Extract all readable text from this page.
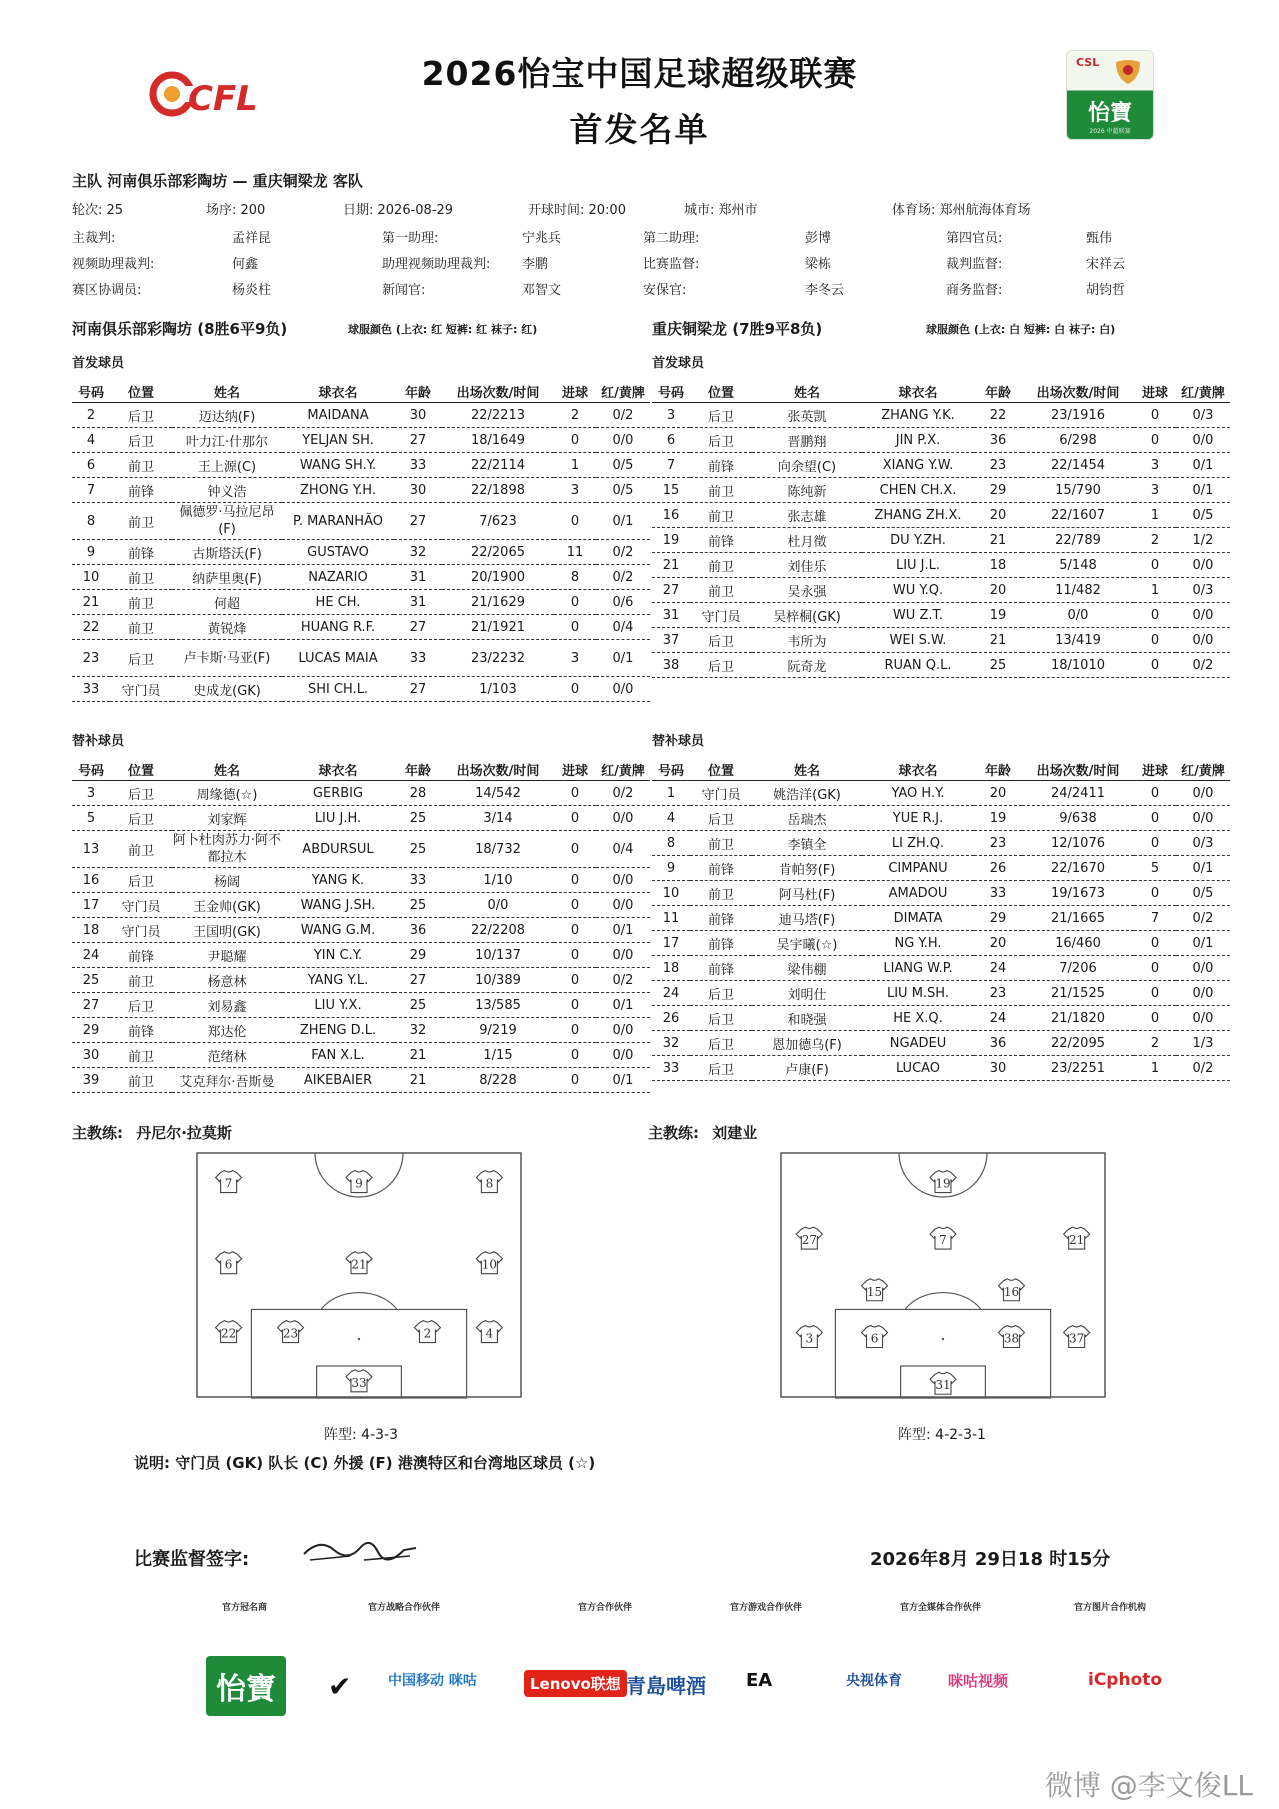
2026怡宝中国足球超级联赛
首发名单
CFL
CSL
怡寶
2026 中超联赛
主队 河南俱乐部彩陶坊 — 重庆铜梁龙 客队
轮次: 25	场序: 200	日期: 2026-08-29	开球时间: 20:00	城市: 郑州市	体育场: 郑州航海体育场
主裁判:	孟祥昆	第一助理:	宁兆兵	第二助理:	彭博	第四官员:	甄伟
视频助理裁判:	何鑫	助理视频助理裁判: 李鹏	比赛监督:	梁栋	裁判监督:	宋祥云
赛区协调员:	杨炎柱	新闻官:	邓智文	安保官:	李冬云	商务监督:	胡钧哲
河南俱乐部彩陶坊 (8胜6平9负)	球服颜色 (上衣: 红 短裤: 红 袜子: 红)	重庆铜梁龙 (7胜9平8负)	球服颜色 (上衣: 白 短裤: 白 袜子: 白)
首发球员	首发球员
替补球员	替补球员
号码	位置	姓名	球衣名	年龄	出场次数/时间	进球	红/黄牌
2	后卫	迈达纳(F)	MAIDANA	30	22/2213	2	0/2
4	后卫	叶力江·什那尔	YELJAN SH.	27	18/1649	0	0/0
6	前卫	王上源(C)	WANG SH.Y.	33	22/2114	1	0/5
7	前锋	钟义浩	ZHONG Y.H.	30	22/1898	3	0/5
8	前卫	佩德罗·马拉尼昂(F)	P. MARANHÃO	27	7/623	0	0/1
9	前锋	古斯塔沃(F)	GUSTAVO	32	22/2065	11	0/2
10	前卫	纳萨里奥(F)	NAZARIO	31	20/1900	8	0/2
21	前卫	何超	HE CH.	31	21/1629	0	0/6
22	前卫	黄锐烽	HUANG R.F.	27	21/1921	0	0/4
23	后卫	卢卡斯·马亚(F)	LUCAS MAIA	33	23/2232	3	0/1
33	守门员	史成龙(GK)	SHI CH.L.	27	1/103	0	0/0
号码	位置	姓名	球衣名	年龄	出场次数/时间	进球	红/黄牌
3	后卫	张英凯	ZHANG Y.K.	22	23/1916	0	0/3
6	后卫	晋鹏翔	JIN P.X.	36	6/298	0	0/0
7	前锋	向余望(C)	XIANG Y.W.	23	22/1454	3	0/1
15	前卫	陈纯新	CHEN CH.X.	29	15/790	3	0/1
16	前卫	张志雄	ZHANG ZH.X.	20	22/1607	1	0/5
19	前锋	杜月徵	DU Y.ZH.	21	22/789	2	1/2
21	前卫	刘佳乐	LIU J.L.	18	5/148	0	0/0
27	前卫	吴永强	WU Y.Q.	20	11/482	1	0/3
31	守门员	吴梓桐(GK)	WU Z.T.	19	0/0	0	0/0
37	后卫	韦所为	WEI S.W.	21	13/419	0	0/0
38	后卫	阮奇龙	RUAN Q.L.	25	18/1010	0	0/2
号码	位置	姓名	球衣名	年龄	出场次数/时间	进球	红/黄牌
3	后卫	周缘德(☆)	GERBIG	28	14/542	0	0/2
5	后卫	刘家辉	LIU J.H.	25	3/14	0	0/0
13	前卫	阿卜杜肉苏力·阿不都拉木	ABDURSUL	25	18/732	0	0/4
16	后卫	杨阔	YANG K.	33	1/10	0	0/0
17	守门员	王金帅(GK)	WANG J.SH.	25	0/0	0	0/0
18	守门员	王国明(GK)	WANG G.M.	36	22/2208	0	0/1
24	前锋	尹聪耀	YIN C.Y.	29	10/137	0	0/0
25	前卫	杨意林	YANG Y.L.	27	10/389	0	0/2
27	后卫	刘易鑫	LIU Y.X.	25	13/585	0	0/1
29	前锋	郑达伦	ZHENG D.L.	32	9/219	0	0/0
30	前卫	范绪林	FAN X.L.	21	1/15	0	0/0
39	前卫	艾克拜尔·吾斯曼	AIKEBAIER	21	8/228	0	0/1
号码	位置	姓名	球衣名	年龄	出场次数/时间	进球	红/黄牌
1	守门员	姚浩洋(GK)	YAO H.Y.	20	24/2411	0	0/0
4	后卫	岳瑞杰	YUE R.J.	19	9/638	0	0/0
8	前卫	李镇全	LI ZH.Q.	23	12/1076	0	0/3
9	前锋	肯帕努(F)	CIMPANU	26	22/1670	5	0/1
10	前卫	阿马杜(F)	AMADOU	33	19/1673	0	0/5
11	前锋	迪马塔(F)	DIMATA	29	21/1665	7	0/2
17	前锋	吴宇曦(☆)	NG Y.H.	20	16/460	0	0/1
18	前锋	梁伟棚	LIANG W.P.	24	7/206	0	0/0
24	后卫	刘明仕	LIU M.SH.	23	21/1525	0	0/0
26	后卫	和晓强	HE X.Q.	24	21/1820	0	0/0
32	后卫	恩加德乌(F)	NGADEU	36	22/2095	2	1/3
33	后卫	卢康(F)	LUCAO	30	23/2251	1	0/2
主教练: 丹尼尔·拉莫斯	主教练: 刘建业
7	9	8
6	21	10
22	23	2	4
33
19
27	7	21
15	16
3	6	38	37
31
阵型: 4-3-3	阵型: 4-2-3-1
说明: 守门员 (GK) 队长 (C) 外援 (F) 港澳特区和台湾地区球员 (☆)
比赛监督签字:	2026年8月 29日18 时15分
官方冠名商	官方战略合作伙伴	官方合作伙伴	官方游戏合作伙伴	官方全媒体合作伙伴	官方图片合作机构
怡寶	✔	中国移动 咪咕	Lenovo联想 青島啤酒 EA	央视体育	咪咕视频	iCphoto
微博 @李文俊LL
